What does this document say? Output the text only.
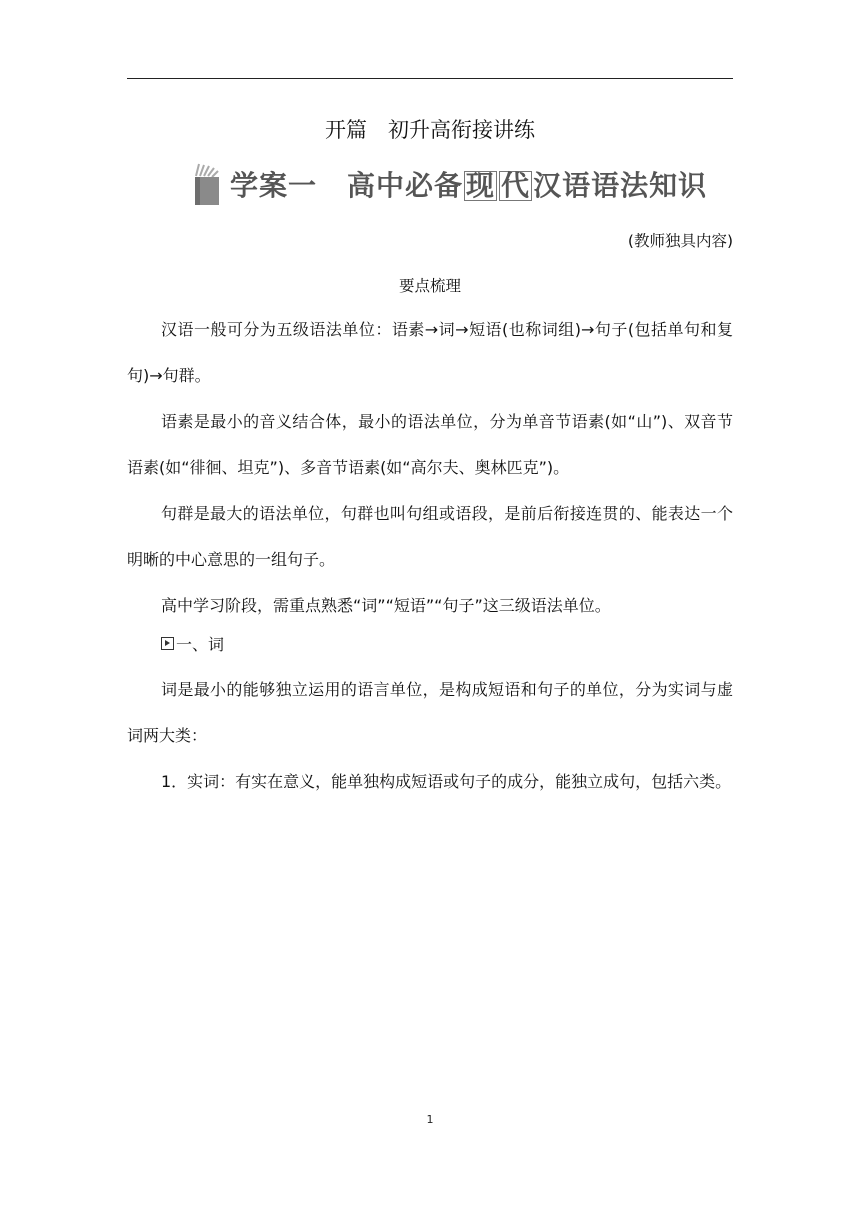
开篇　初升高衔接讲练
学案一 高中必备 现 代 汉语语法知识
(教师独具内容)
要点梳理
汉语一般可分为五级语法单位：语素→词→短语(也称词组)→句子(包括单句和复句)→句群。
语素是最小的音义结合体，最小的语法单位，分为单音节语素(如“山”)、双音节语素(如“徘徊、坦克”)、多音节语素(如“高尔夫、奥林匹克”)。
句群是最大的语法单位，句群也叫句组或语段，是前后衔接连贯的、能表达一个明晰的中心意思的一组句子。
高中学习阶段，需重点熟悉“词”“短语”“句子”这三级语法单位。
一、词
词是最小的能够独立运用的语言单位，是构成短语和句子的单位，分为实词与虚词两大类：
1．实词：有实在意义，能单独构成短语或句子的成分，能独立成句，包括六类。
1
